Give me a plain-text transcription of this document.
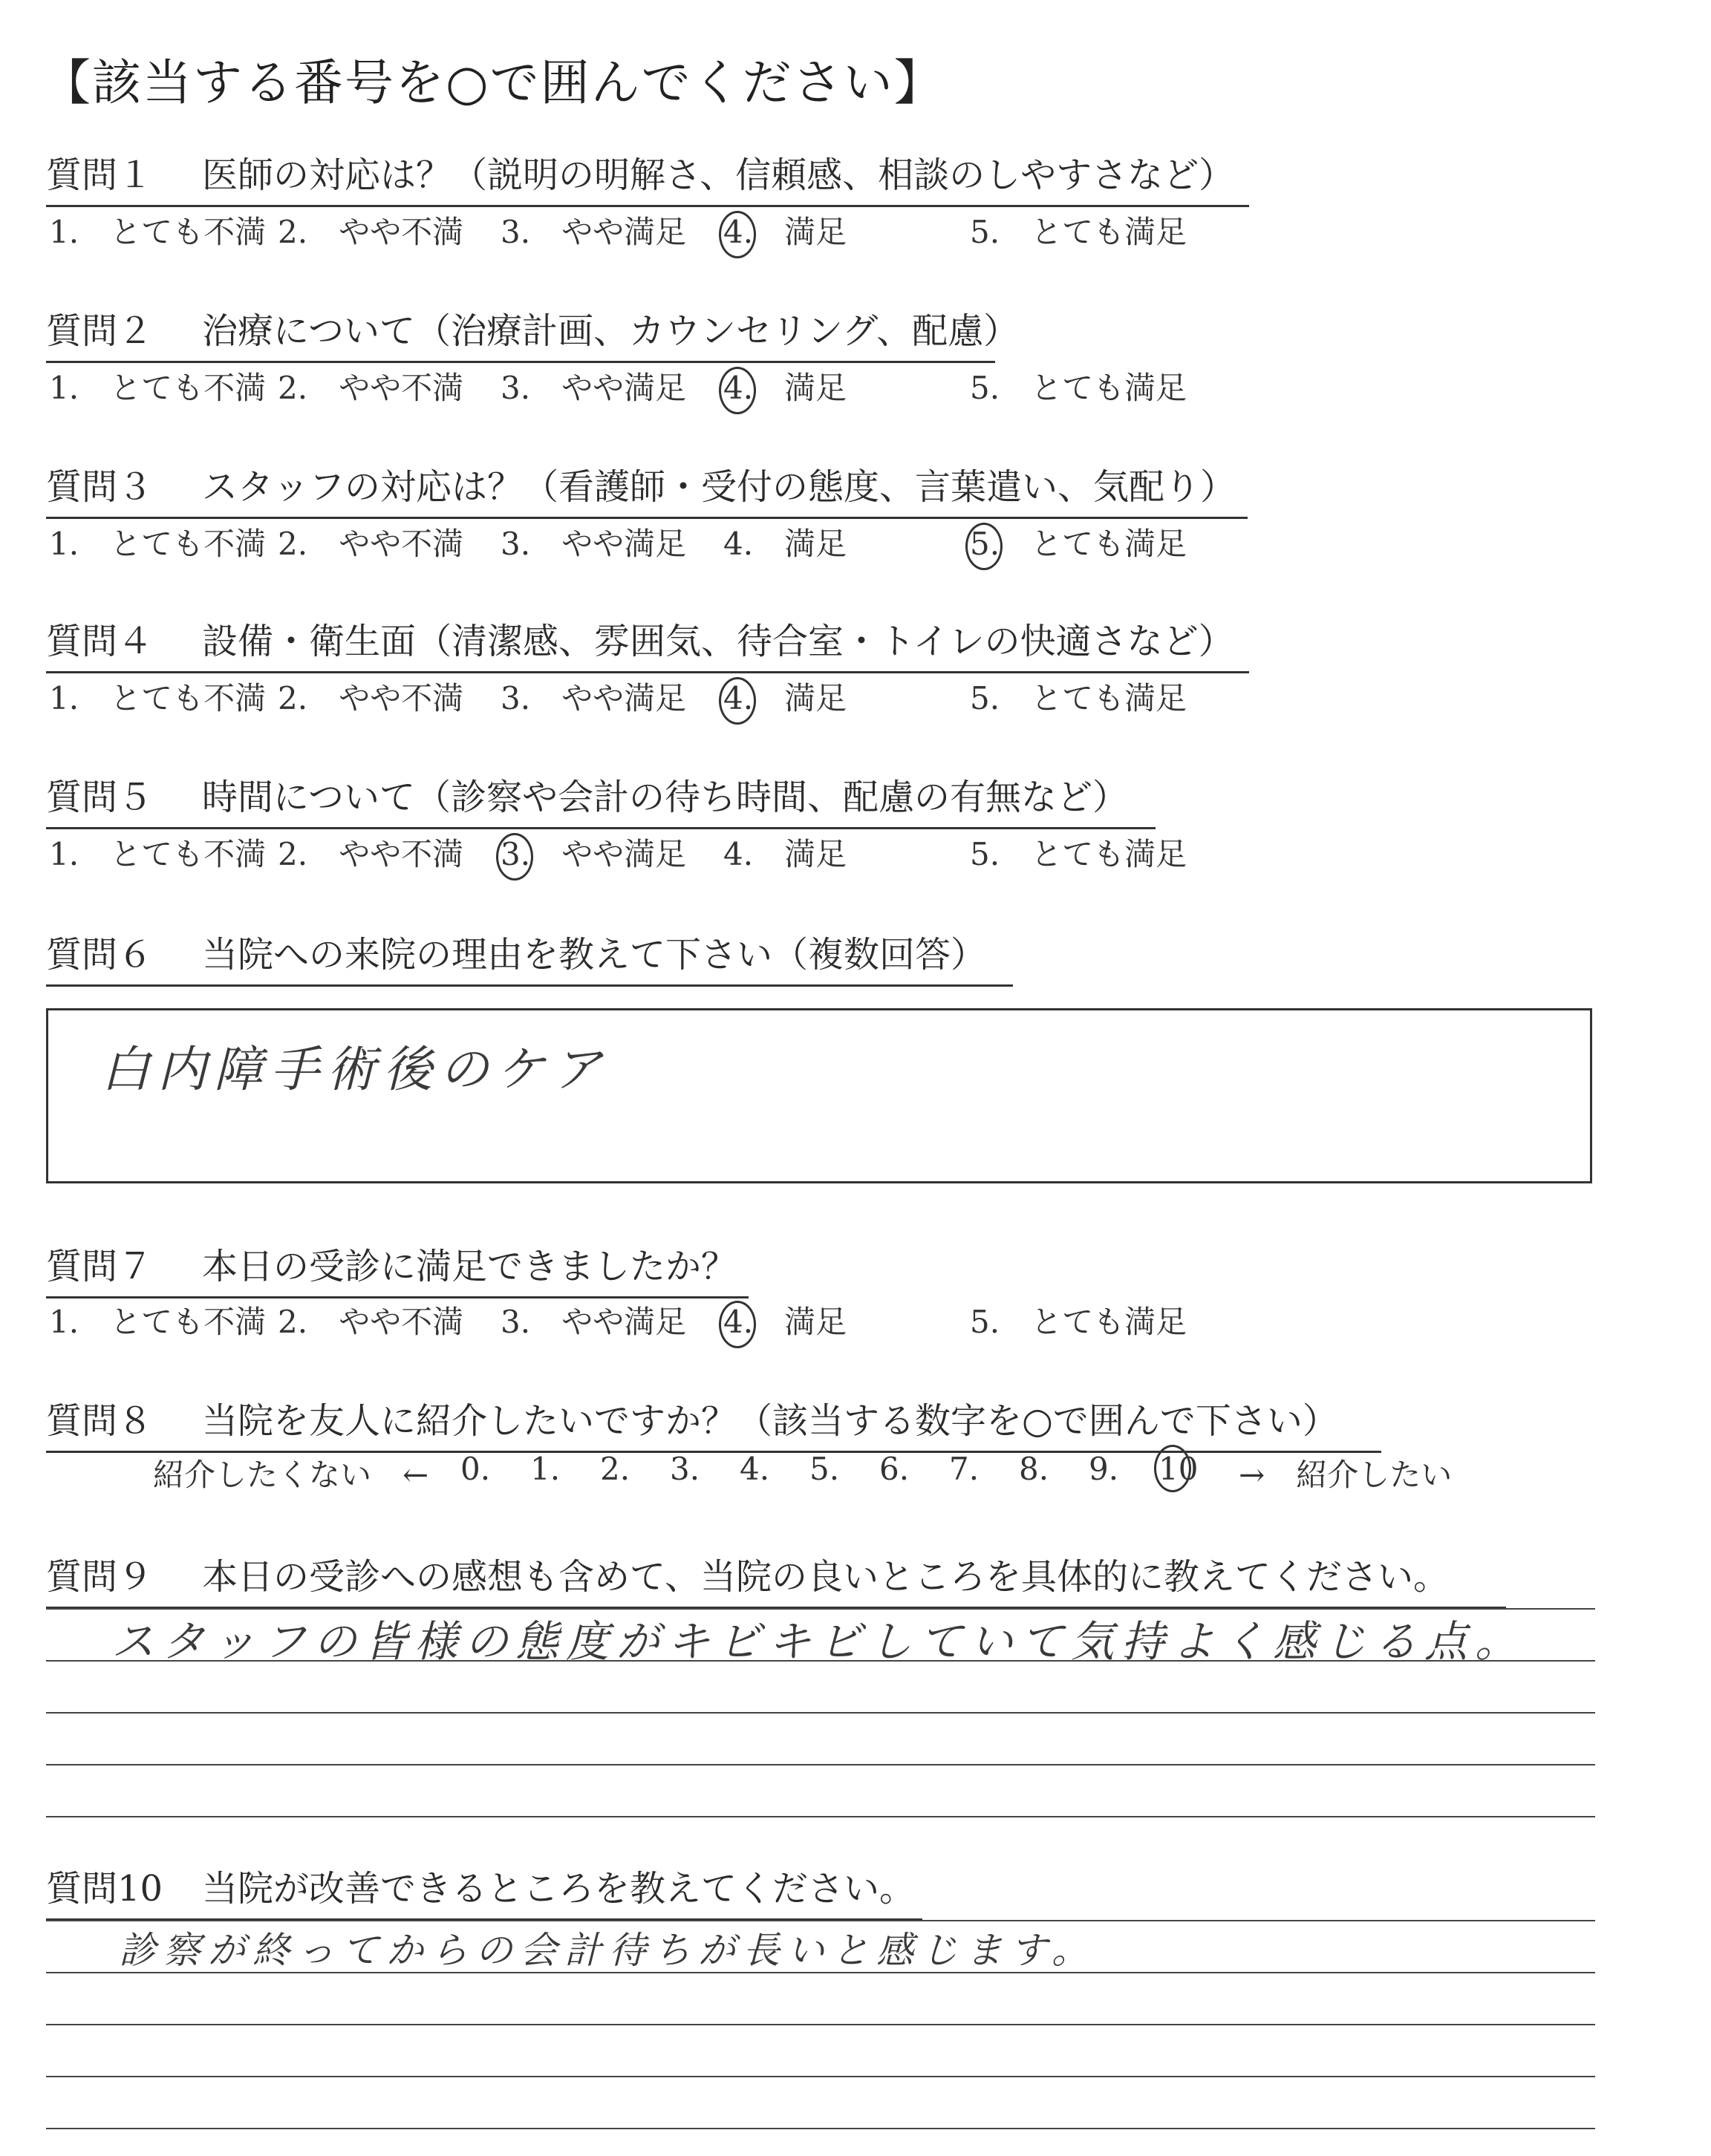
【該当する番号を○で囲んでください】
質問１ 医師の対応は？（説明の明解さ、信頼感、相談のしやすさなど）
1.　とても不満 2.　やや不満 3.　やや満足 4.　満足	5.　とても満足
質問２ 治療について（治療計画、カウンセリング、配慮）
1.　とても不満 2.　やや不満 3.　やや満足 4.　満足	5.　とても満足
質問３ スタッフの対応は？（看護師・受付の態度、言葉遣い、気配り）
1.　とても不満 2.　やや不満 3.　やや満足 4.　満足	5.　とても満足
質問４ 設備・衛生面（清潔感、雰囲気、待合室・トイレの快適さなど）
1.　とても不満 2.　やや不満 3.　やや満足 4.　満足	5.　とても満足
質問５ 時間について（診察や会計の待ち時間、配慮の有無など）
1.　とても不満 2.　やや不満 3.　やや満足 4.　満足	5.　とても満足
質問６ 当院への来院の理由を教えて下さい（複数回答）
質問７ 本日の受診に満足できましたか？
1.　とても不満 2.　やや不満 3.　やや満足 4.　満足	5.　とても満足
質問８ 当院を友人に紹介したいですか？（該当する数字を○で囲んで下さい）
質問９ 本日の受診への感想も含めて、当院の良いところを具体的に教えてください。
質問10 当院が改善できるところを教えてください。
白内障手術後のケア
紹介したくない　← 0. 1. 2. 3. 4. 5. 6. 7. 8. 9. 10 →　紹介したい
スタッフの皆様の態度がキビキビしていて気持よく感じる点。
診察が終ってからの会計待ちが長いと感じます。
